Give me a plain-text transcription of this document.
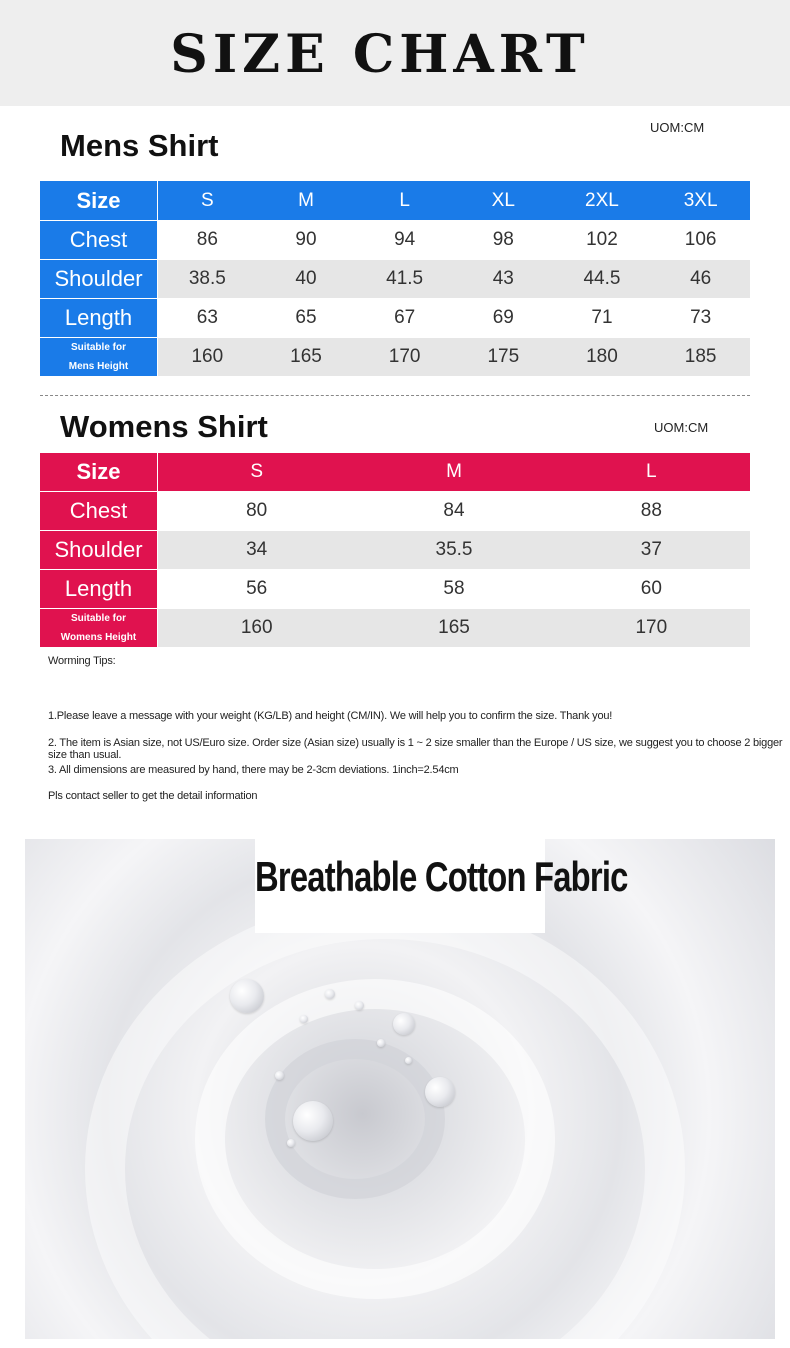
SIZE CHART
Mens Shirt
UOM:CM
Size	S	M	L	XL	2XL	3XL
Chest	86	90	94	98	102	106
Shoulder	38.5	40	41.5	43	44.5	46
Length	63	65	67	69	71	73

Suitable for
Mens Height	160	165	170	175	180	185
Womens Shirt	UOM:CM
Size	S	M	L
Chest	80	84	88
Shoulder	34	35.5	37
Length	56	58	60

Suitable for
Womens Height	160	165	170
Worming Tips:
1.Please leave a message with your weight (KG/LB) and height (CM/IN). We will help you to confirm the size. Thank you!
2. The item is Asian size, not US/Euro size. Order size (Asian size) usually is 1 ~ 2 size smaller than the Europe / US size, we suggest you to choose 2 bigger size than usual.
3. All dimensions are measured by hand, there may be 2-3cm deviations. 1inch=2.54cm
Pls contact seller to get the detail information
Breathable Cotton Fabric
